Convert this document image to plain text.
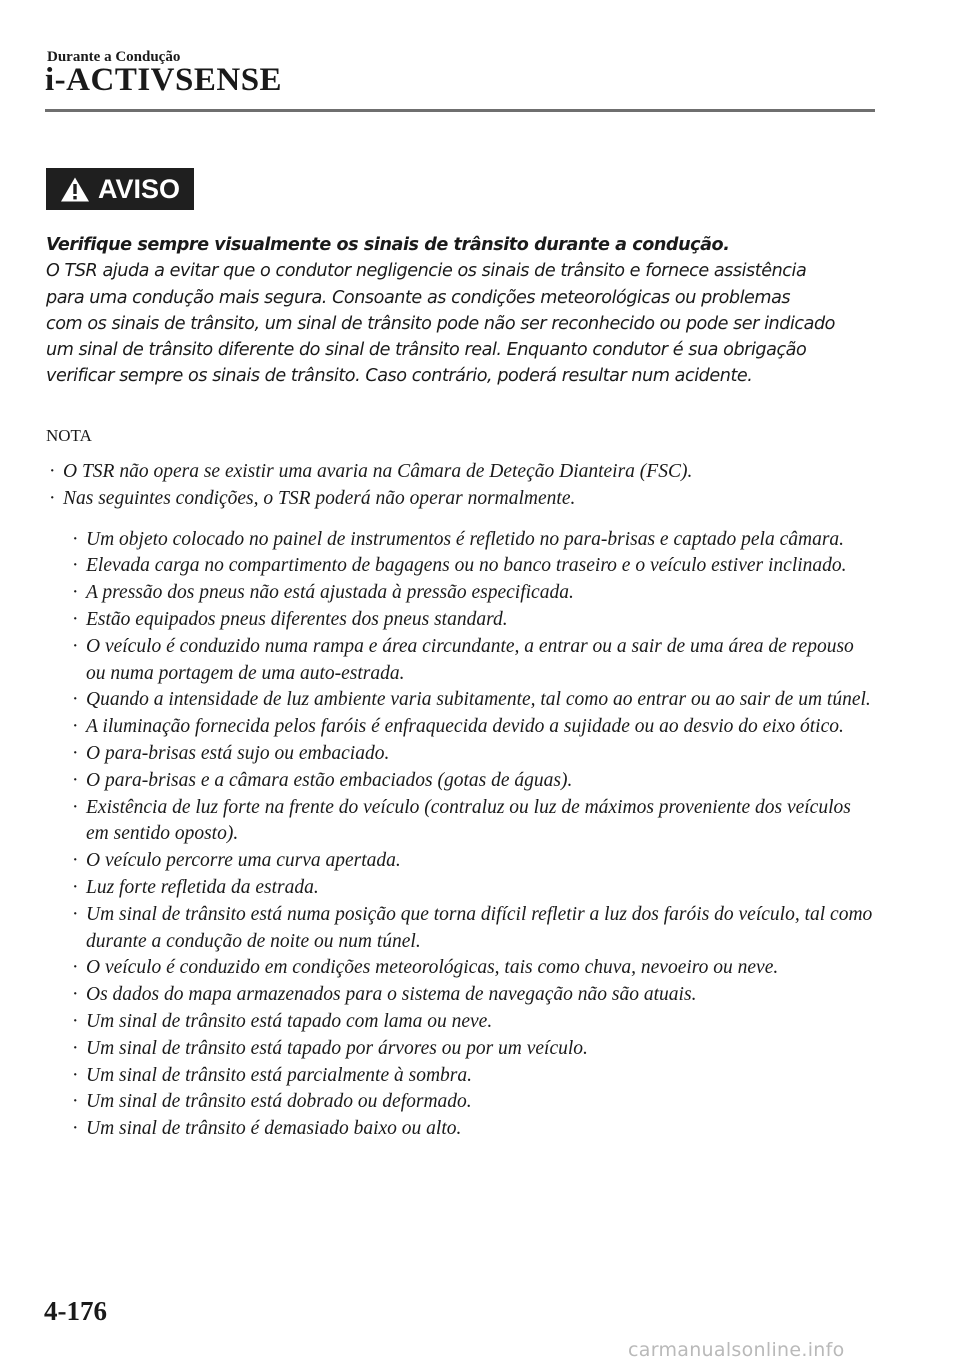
Durante a Condução
i-ACTIVSENSE
AVISO
Verifique sempre visualmente os sinais de trânsito durante a condução.
O TSR ajuda a evitar que o condutor negligencie os sinais de trânsito e fornece assistência
para uma condução mais segura. Consoante as condições meteorológicas ou problemas
com os sinais de trânsito, um sinal de trânsito pode não ser reconhecido ou pode ser indicado
um sinal de trânsito diferente do sinal de trânsito real. Enquanto condutor é sua obrigação
verificar sempre os sinais de trânsito. Caso contrário, poderá resultar num acidente.
NOTA
· O TSR não opera se existir uma avaria na Câmara de Deteção Dianteira (FSC).
· Nas seguintes condições, o TSR poderá não operar normalmente.
· Um objeto colocado no painel de instrumentos é refletido no para-brisas e captado pela câmara.
· Elevada carga no compartimento de bagagens ou no banco traseiro e o veículo estiver inclinado.
· A pressão dos pneus não está ajustada à pressão especificada.
· Estão equipados pneus diferentes dos pneus standard.
· O veículo é conduzido numa rampa e área circundante, a entrar ou a sair de uma área de repouso ou numa portagem de uma auto-estrada.
· Quando a intensidade de luz ambiente varia subitamente, tal como ao entrar ou ao sair de um túnel.
· A iluminação fornecida pelos faróis é enfraquecida devido a sujidade ou ao desvio do eixo ótico.
· O para-brisas está sujo ou embaciado.
· O para-brisas e a câmara estão embaciados (gotas de águas).
· Existência de luz forte na frente do veículo (contraluz ou luz de máximos proveniente dos veículos em sentido oposto).
· O veículo percorre uma curva apertada.
· Luz forte refletida da estrada.
· Um sinal de trânsito está numa posição que torna difícil refletir a luz dos faróis do veículo, tal como durante a condução de noite ou num túnel.
· O veículo é conduzido em condições meteorológicas, tais como chuva, nevoeiro ou neve.
· Os dados do mapa armazenados para o sistema de navegação não são atuais.
· Um sinal de trânsito está tapado com lama ou neve.
· Um sinal de trânsito está tapado por árvores ou por um veículo.
· Um sinal de trânsito está parcialmente à sombra.
· Um sinal de trânsito está dobrado ou deformado.
· Um sinal de trânsito é demasiado baixo ou alto.
4-176
carmanualsonline.info
